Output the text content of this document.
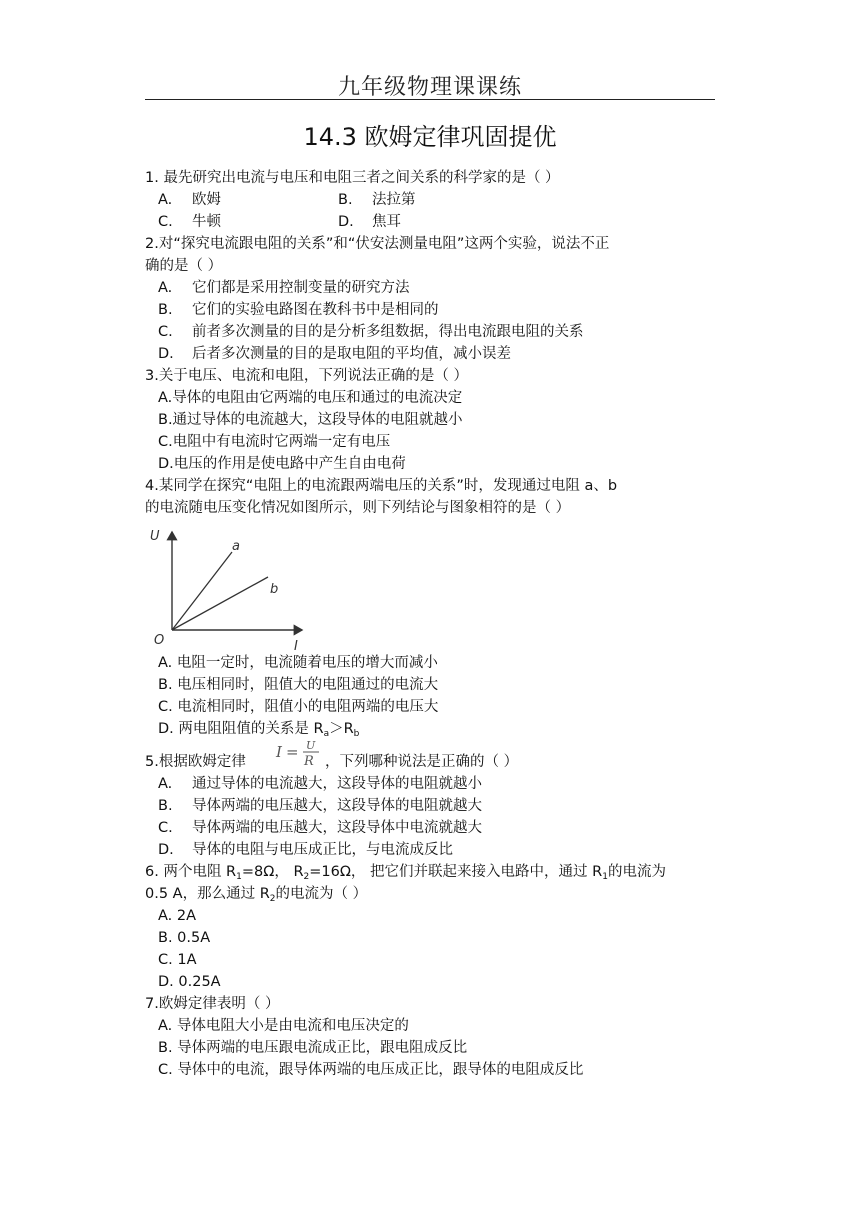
九年级物理课课练
14.3 欧姆定律巩固提优
1. 最先研究出电流与电压和电阻三者之间关系的科学家的是（ ）
A. 欧姆	B. 法拉第
C. 牛顿	D. 焦耳
2.对“探究电流跟电阻的关系”和“伏安法测量电阻”这两个实验，说法不正
确的是（ ）
A. 它们都是采用控制变量的研究方法
B. 它们的实验电路图在教科书中是相同的
C. 前者多次测量的目的是分析多组数据，得出电流跟电阻的关系
D. 后者多次测量的目的是取电阻的平均值，减小误差
3.关于电压、电流和电阻，下列说法正确的是（ ）
A.导体的电阻由它两端的电压和通过的电流决定
B.通过导体的电流越大，这段导体的电阻就越小
C.电阻中有电流时它两端一定有电压
D.电压的作用是使电路中产生自由电荷
4.某同学在探究“电阻上的电流跟两端电压的关系”时，发现通过电阻 a、b
的电流随电压变化情况如图所示，则下列结论与图象相符的是（ ）
U
I
O
a
b
A. 电阻一定时，电流随着电压的增大而减小
B. 电压相同时，阻值大的电阻通过的电流大
C. 电流相同时，阻值小的电阻两端的电压大
D. 两电阻阻值的关系是 $R_a>R_b$
5.根据欧姆定律
I = U
R ，下列哪种说法是正确的（ ）
A. 通过导体的电流越大，这段导体的电阻就越小
B. 导体两端的电压越大，这段导体的电阻就越大
C. 导体两端的电压越大，这段导体中电流就越大
D. 导体的电阻与电压成正比，与电流成反比
6. 两个电阻 $R_1=8\Omega$， $R_2=16\Omega$， 把它们并联起来接入电路中，通过 $R_1$的电流为
0.5 A，那么通过 $R_2$的电流为（ ）
A. 2A
B. 0.5A
C. 1A
D. 0.25A
7.欧姆定律表明（ ）
A. 导体电阻大小是由电流和电压决定的
B. 导体两端的电压跟电流成正比，跟电阻成反比
C. 导体中的电流，跟导体两端的电压成正比，跟导体的电阻成反比
